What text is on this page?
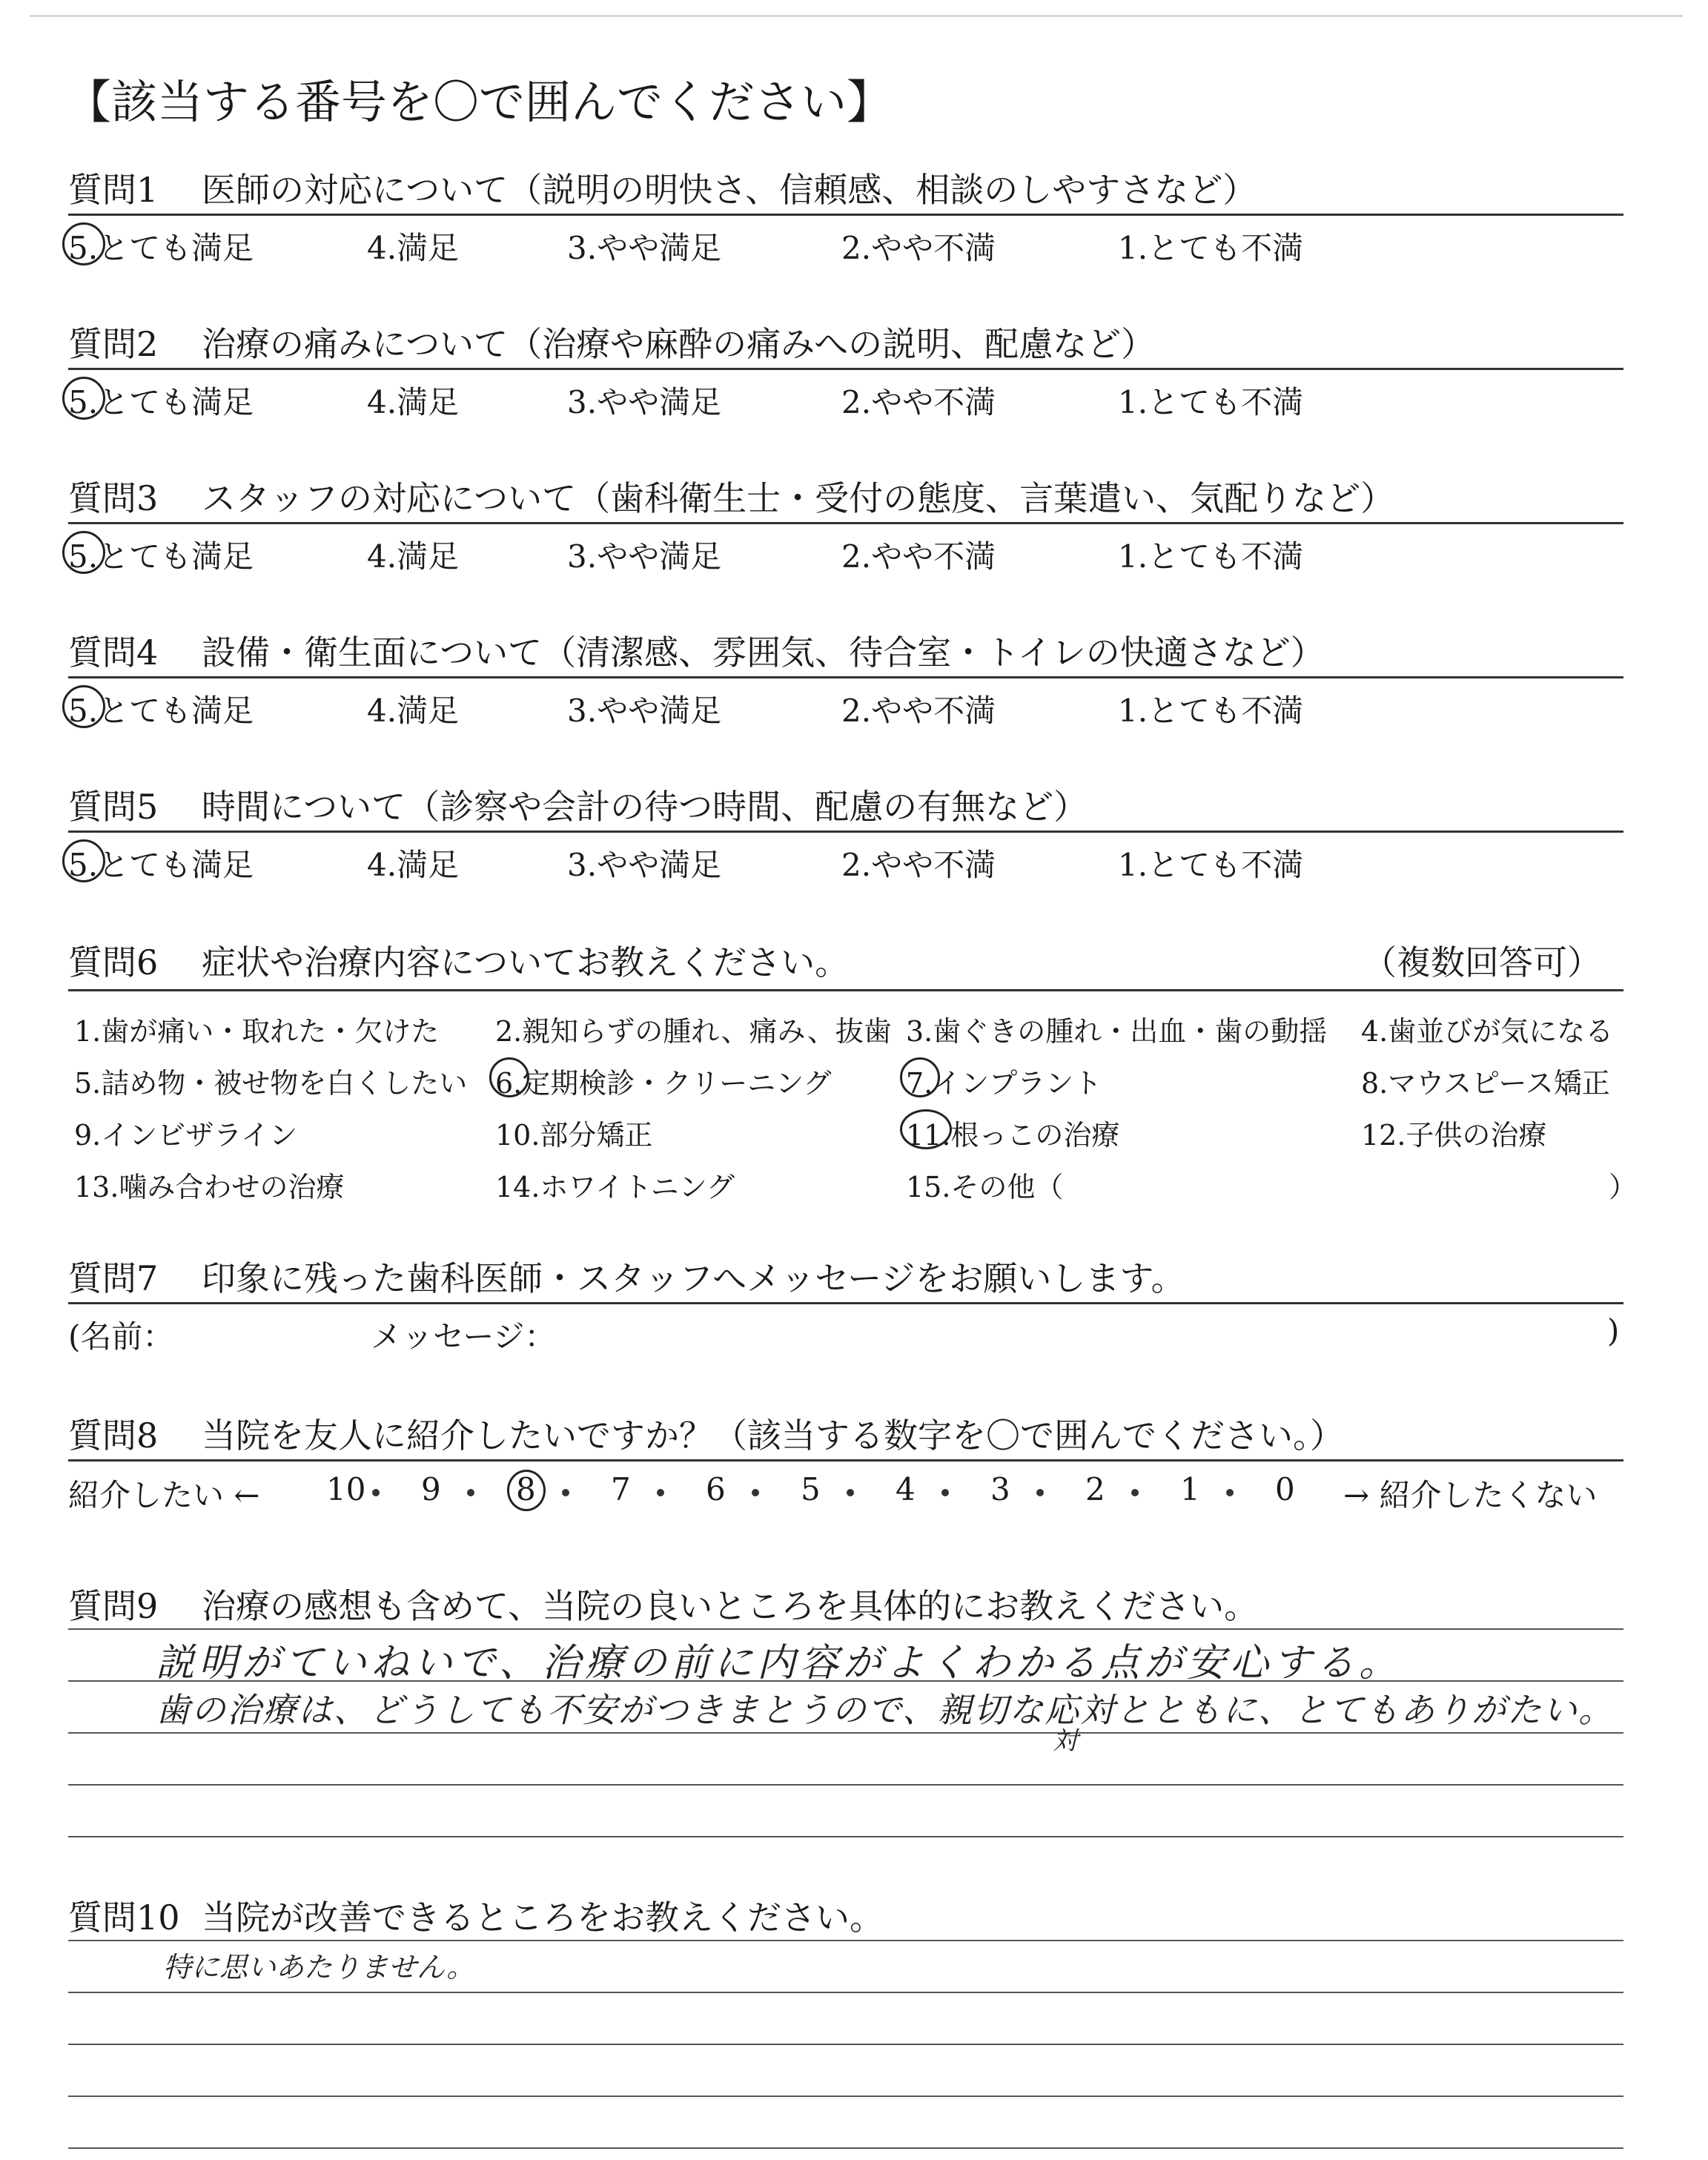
【該当する番号を〇で囲んでください】
質問1 医師の対応について（説明の明快さ、信頼感、相談のしやすさなど）
5.とても満足	4.満足	3.やや満足	2.やや不満	1.とても不満
質問2 治療の痛みについて（治療や麻酔の痛みへの説明、配慮など）
5.とても満足	4.満足	3.やや満足	2.やや不満	1.とても不満
質問3 スタッフの対応について（歯科衛生士・受付の態度、言葉遣い、気配りなど）
5.とても満足	4.満足	3.やや満足	2.やや不満	1.とても不満
質問4 設備・衛生面について（清潔感、雰囲気、待合室・トイレの快適さなど）
5.とても満足	4.満足	3.やや満足	2.やや不満	1.とても不満
質問5 時間について（診察や会計の待つ時間、配慮の有無など）
5.とても満足	4.満足	3.やや満足	2.やや不満	1.とても不満
質問6 症状や治療内容についてお教えください。	（複数回答可）
1.歯が痛い・取れた・欠けた 2.親知らずの腫れ、痛み、抜歯 3.歯ぐきの腫れ・出血・歯の動揺 4.歯並びが気になる
5.詰め物・被せ物を白くしたい 6.定期検診・クリーニング	7.インプラント	8.マウスピース矯正
9.インビザライン	10.部分矯正	11.根っこの治療	12.子供の治療
13.噛み合わせの治療	14.ホワイトニング	15.その他（	）
質問7 印象に残った歯科医師・スタッフへメッセージをお願いします。
(名前：	メッセージ：	)
質問8 当院を友人に紹介したいですか？（該当する数字を〇で囲んでください。）
紹介したい ←	→ 紹介したくない
10 9 8 7 6 5 4 3 2 1 0
質問9 治療の感想も含めて、当院の良いところを具体的にお教えください。
説明がていねいで、治療の前に内容がよくわかる点が安心する。
歯の治療は、どうしても不安がつきまとうので、親切な応対とともに、とてもありがたい。
対
質問10 当院が改善できるところをお教えください。
特に思いあたりません。
